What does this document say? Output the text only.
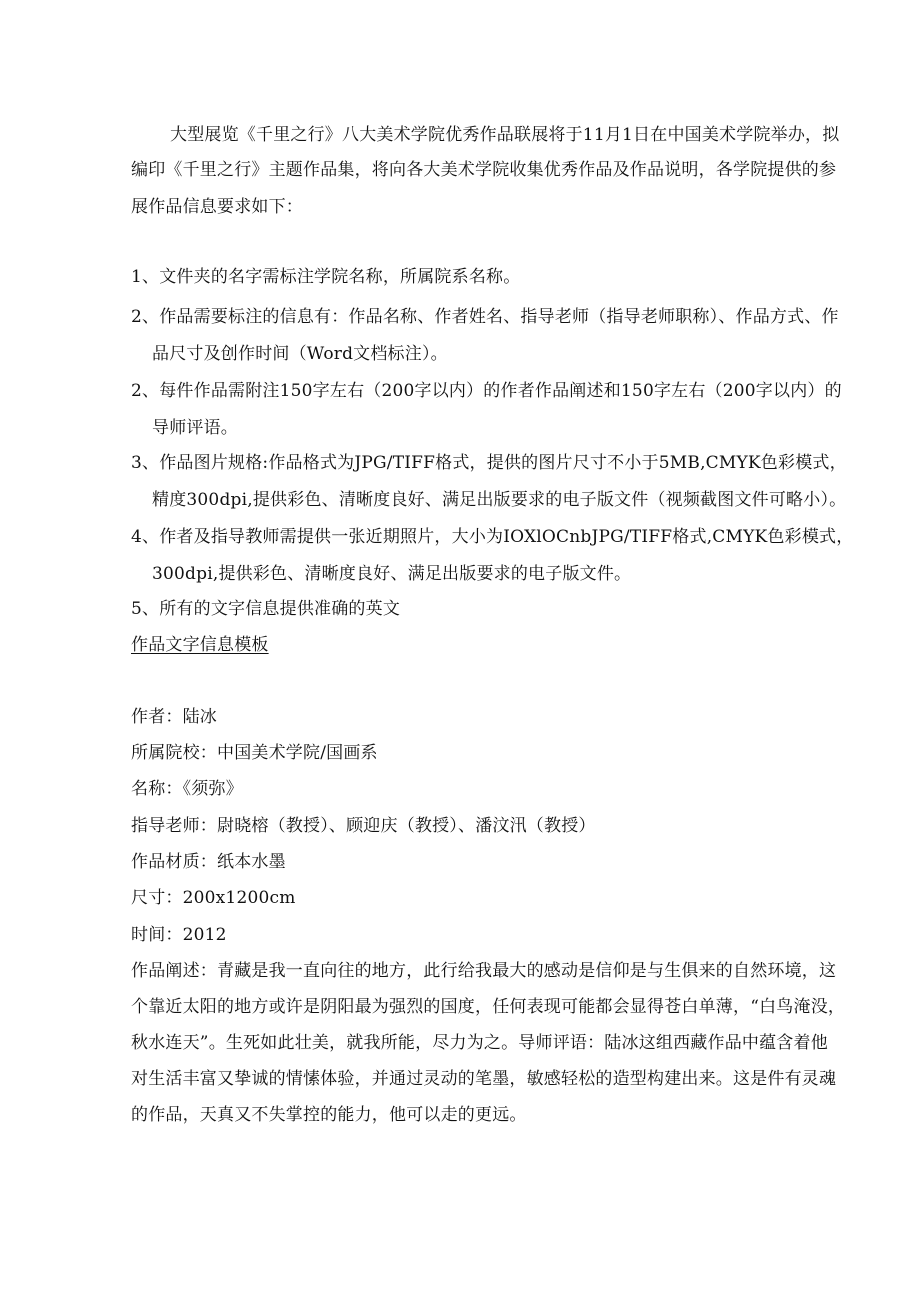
大型展览《千里之行》八大美术学院优秀作品联展将于11月1日在中国美术学院举办，拟
编印《千里之行》主题作品集，将向各大美术学院收集优秀作品及作品说明，各学院提供的参
展作品信息要求如下：
1、文件夹的名字需标注学院名称，所属院系名称。
2、作品需要标注的信息有：作品名称、作者姓名、指导老师（指导老师职称）、作品方式、作
品尺寸及创作时间（Word文档标注）。
2、每件作品需附注150字左右（200字以内）的作者作品阐述和150字左右（200字以内）的
导师评语。
3、作品图片规格:作品格式为JPG/TIFF格式，提供的图片尺寸不小于5MB,CMYK色彩模式，
精度300dpi,提供彩色、清晰度良好、满足出版要求的电子版文件（视频截图文件可略小）。
4、作者及指导教师需提供一张近期照片，大小为IOXlOCnbJPG/TIFF格式,CMYK色彩模式，
300dpi,提供彩色、清晰度良好、满足出版要求的电子版文件。
5、所有的文字信息提供准确的英文
作品文字信息模板
作者：陆冰
所属院校：中国美术学院/国画系
名称：《须弥》
指导老师：尉晓榕（教授）、顾迎庆（教授）、潘汶汛（教授）
作品材质：纸本水墨
尺寸：200x1200cm
时间：2012
作品阐述：青藏是我一直向往的地方，此行给我最大的感动是信仰是与生俱来的自然环境，这
个靠近太阳的地方或许是阴阳最为强烈的国度，任何表现可能都会显得苍白单薄，“白鸟淹没，
秋水连天”。生死如此壮美，就我所能，尽力为之。导师评语：陆冰这组西藏作品中蕴含着他
对生活丰富又挚诚的情愫体验，并通过灵动的笔墨，敏感轻松的造型构建出来。这是件有灵魂
的作品，天真又不失掌控的能力，他可以走的更远。
